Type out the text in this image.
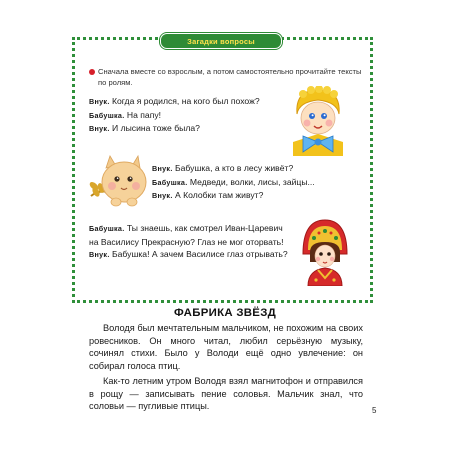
Загадки вопросы
Сначала вместе со взрослым, а потом самостоятельно прочитайте тексты по ролям.
Внук. Когда я родился, на кого был похож?
Бабушка. На папу!
Внук. И лысина тоже была?
Внук. Бабушка, а кто в лесу живёт?
Бабушка. Медведи, волки, лисы, зайцы...
Внук. А Колобки там живут?
Бабушка. Ты знаешь, как смотрел Иван-Царевич на Василису Прекрасную? Глаз не мог оторвать!
Внук. Бабушка! А зачем Василисе глаз отрывать?
ФАБРИКА ЗВЁЗД

Володя был мечтательным мальчиком, не похожим на своих ровесников. Он много читал, любил серьёзную музыку, сочинял стихи. Было у Володи ещё одно увлечение: он собирал голоса птиц.

Как-то летним утром Володя взял магнитофон и отправился в рощу — записывать пение соловья. Мальчик знал, что соловьи — пугливые птицы.	5
